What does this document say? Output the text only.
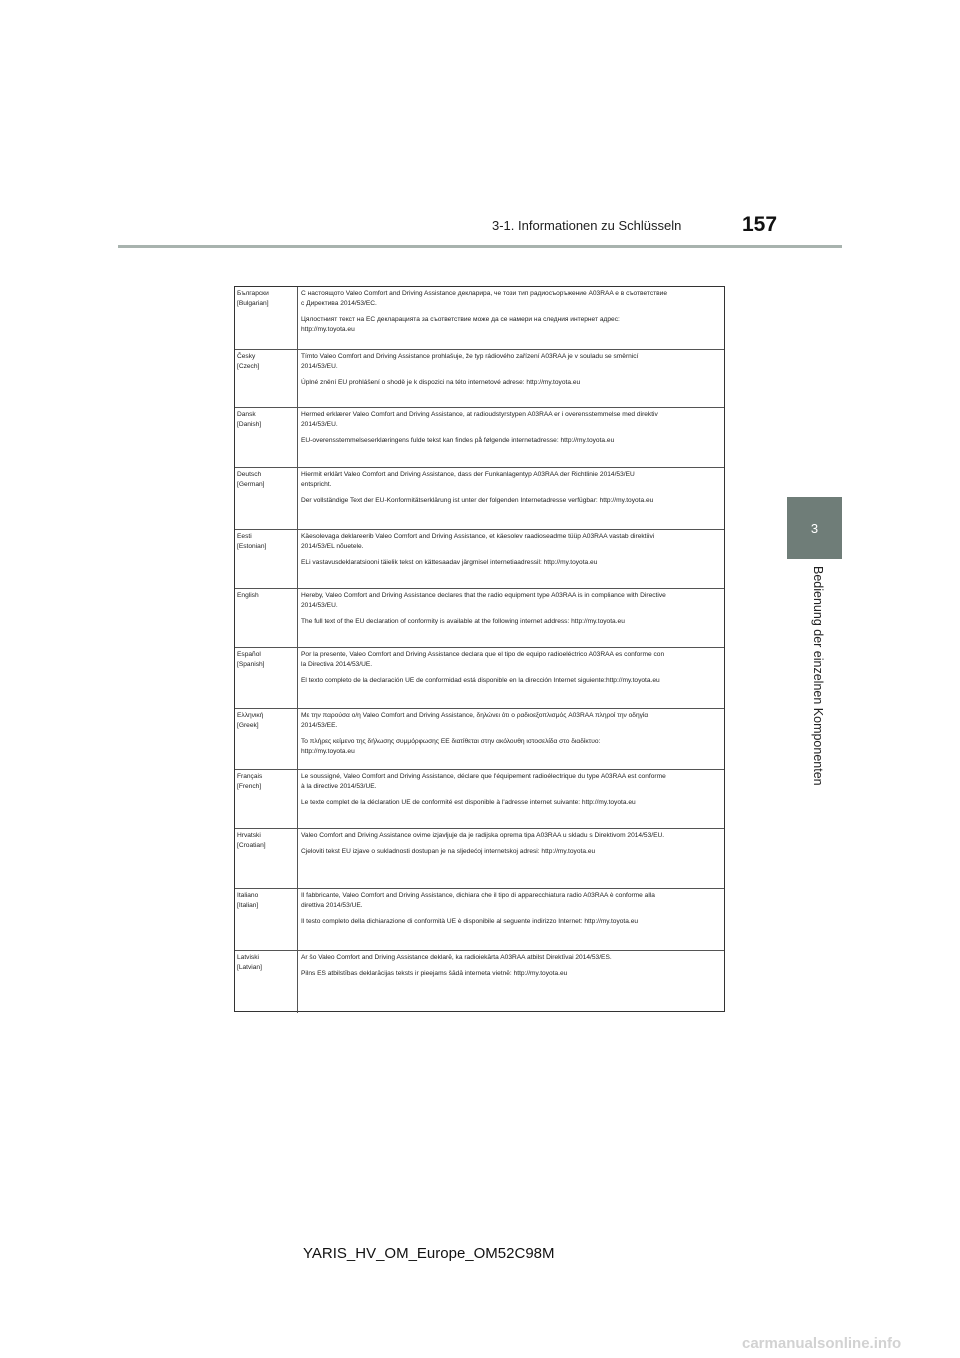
3-1. Informationen zu Schlüsseln	157
3
Bedienung der einzelnen Komponenten
Български
[Bulgarian]
С настоящото Valeo Comfort and Driving Assistance декларира, че този тип радиосъоръжение A03RAA е в съответствие
с Директива 2014/53/ЕС.
Цялостният текст на ЕС декларацията за съответствие може да се намери на следния интернет адрес:
http://my.toyota.eu
Česky
[Czech]
Tímto Valeo Comfort and Driving Assistance prohlašuje, že typ rádiového zařízení A03RAA je v souladu se směrnicí
2014/53/EU.
Úplné znění EU prohlášení o shodě je k dispozici na této internetové adrese: http://my.toyota.eu
Dansk
[Danish]
Hermed erklærer Valeo Comfort and Driving Assistance, at radioudstyrstypen A03RAA er i overensstemmelse med direktiv
2014/53/EU.
EU-overensstemmelseserklæringens fulde tekst kan findes på følgende internetadresse: http://my.toyota.eu
Deutsch
[German]
Hiermit erklärt Valeo Comfort and Driving Assistance, dass der Funkanlagentyp A03RAA der Richtlinie 2014/53/EU
entspricht.
Der vollständige Text der EU-Konformitätserklärung ist unter der folgenden Internetadresse verfügbar: http://my.toyota.eu
Eesti
[Estonian]
Käesolevaga deklareerib Valeo Comfort and Driving Assistance, et käesolev raadioseadme tüüp A03RAA vastab direktiivi
2014/53/EL nõuetele.
ELi vastavusdeklaratsiooni täielik tekst on kättesaadav järgmisel internetiaadressil: http://my.toyota.eu
English	Hereby, Valeo Comfort and Driving Assistance declares that the radio equipment type A03RAA is in compliance with Directive
2014/53/EU.
The full text of the EU declaration of conformity is available at the following internet address: http://my.toyota.eu
Español
[Spanish]
Por la presente, Valeo Comfort and Driving Assistance declara que el tipo de equipo radioeléctrico A03RAA es conforme con
la Directiva 2014/53/UE.
El texto completo de la declaración UE de conformidad está disponible en la dirección Internet siguiente:http://my.toyota.eu
Ελληνική
[Greek]
Με την παρούσα ο/η Valeo Comfort and Driving Assistance, δηλώνει ότι ο ραδιοεξοπλισμός A03RAA πληροί την οδηγία
2014/53/ΕΕ.
Το πλήρες κείμενο της δήλωσης συμμόρφωσης ΕΕ διατίθεται στην ακόλουθη ιστοσελίδα στο διαδίκτυο:
http://my.toyota.eu
Français
[French]
Le soussigné, Valeo Comfort and Driving Assistance, déclare que l'équipement radioélectrique du type A03RAA est conforme
à la directive 2014/53/UE.
Le texte complet de la déclaration UE de conformité est disponible à l'adresse internet suivante: http://my.toyota.eu
Hrvatski
[Croatian]
Valeo Comfort and Driving Assistance ovime izjavljuje da je radijska oprema tipa A03RAA u skladu s Direktivom 2014/53/EU.
Cjeloviti tekst EU izjave o sukladnosti dostupan je na sljedećoj internetskoj adresi: http://my.toyota.eu
Italiano
[Italian]
Il fabbricante, Valeo Comfort and Driving Assistance, dichiara che il tipo di apparecchiatura radio A03RAA è conforme alla
direttiva 2014/53/UE.
Il testo completo della dichiarazione di conformità UE è disponibile al seguente indirizzo Internet: http://my.toyota.eu
Latviski
[Latvian]
Ar šo Valeo Comfort and Driving Assistance deklarē, ka radioiekārta A03RAA atbilst Direktīvai 2014/53/ES.
Pilns ES atbilstības deklarācijas teksts ir pieejams šādā interneta vietnē: http://my.toyota.eu
YARIS_HV_OM_Europe_OM52C98M
carmanualsonline.info
